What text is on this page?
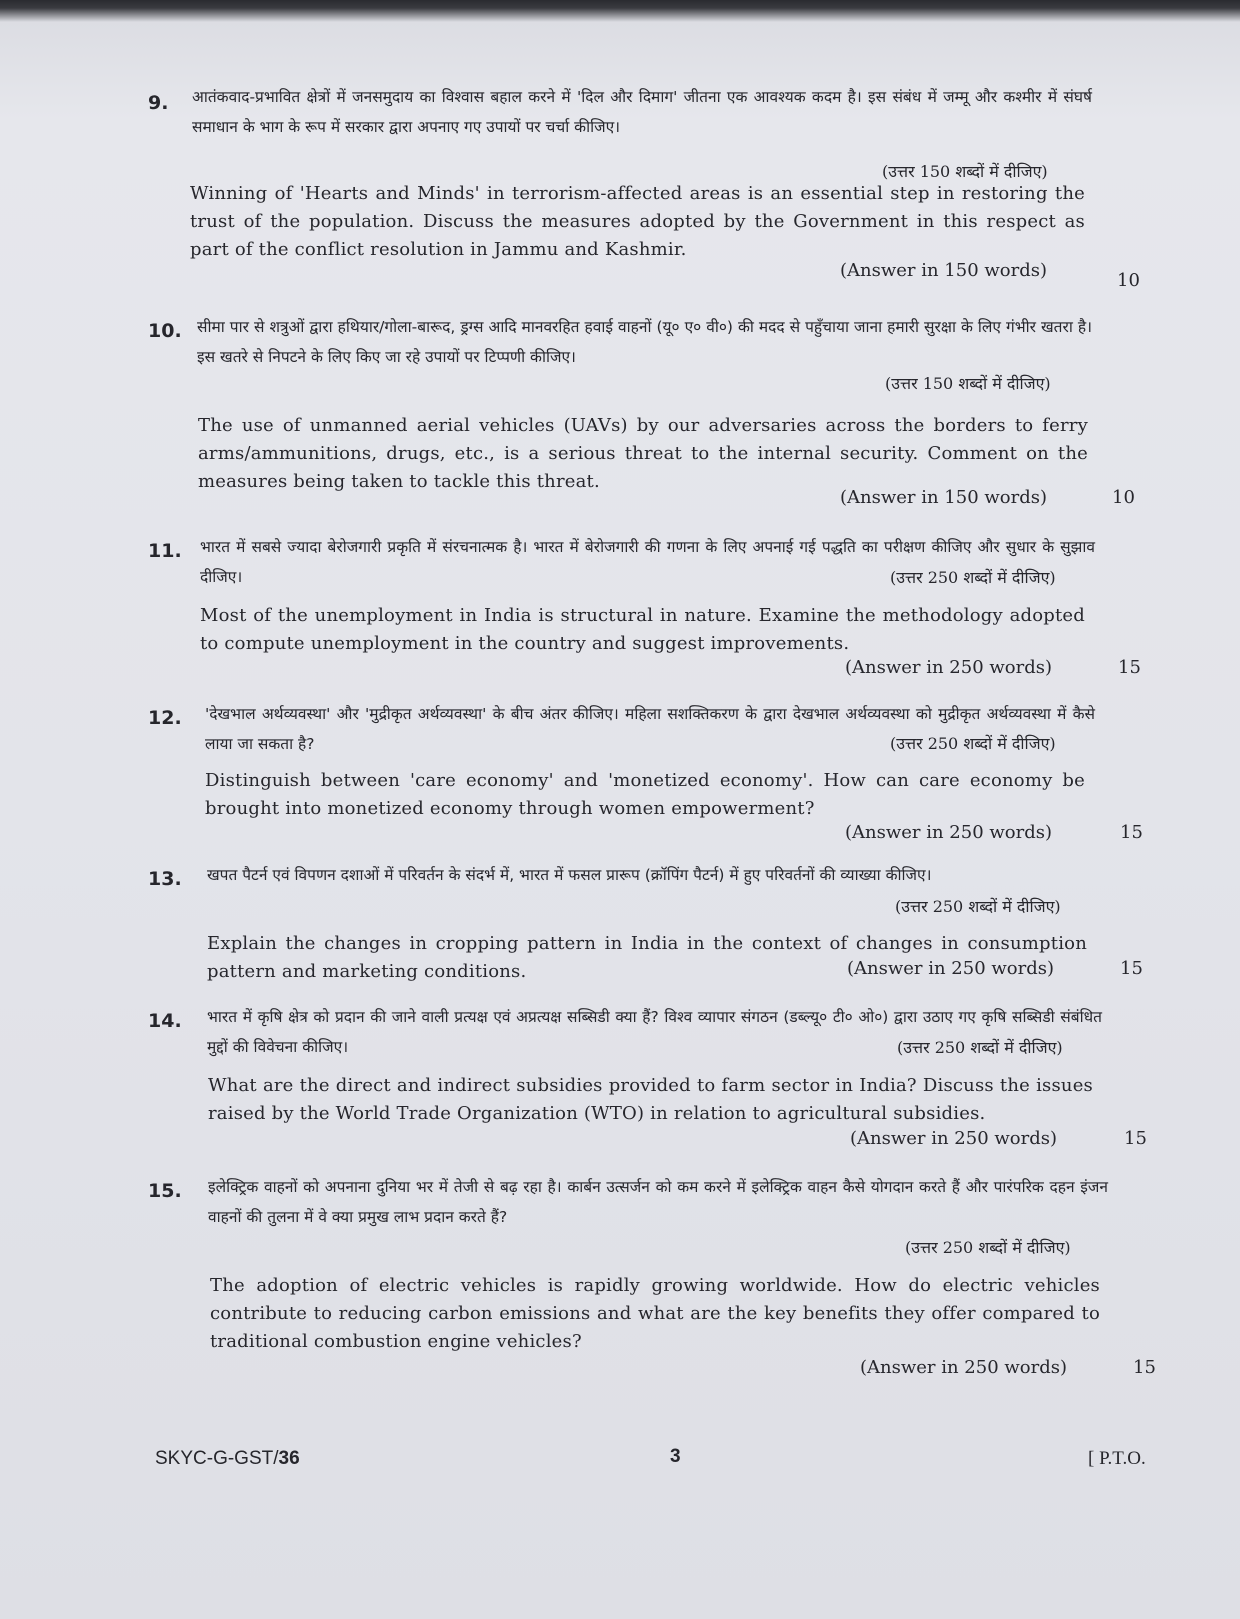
9. आतंकवाद-प्रभावित क्षेत्रों में जनसमुदाय का विश्वास बहाल करने में 'दिल और दिमाग' जीतना एक आवश्यक कदम है। इस संबंध में जम्मू और कश्मीर में संघर्ष समाधान के भाग के रूप में सरकार द्वारा अपनाए गए उपायों पर चर्चा कीजिए।
(उत्तर 150 शब्दों में दीजिए)
Winning of 'Hearts and Minds' in terrorism-affected areas is an essential step in restoring the trust of the population. Discuss the measures adopted by the Government in this respect as part of the conflict resolution in Jammu and Kashmir.
(Answer in 150 words)	10
10. सीमा पार से शत्रुओं द्वारा हथियार/गोला-बारूद, ड्रग्स आदि मानवरहित हवाई वाहनों (यू० ए० वी०) की मदद से पहुँचाया जाना हमारी सुरक्षा के लिए गंभीर खतरा है। इस खतरे से निपटने के लिए किए जा रहे उपायों पर टिप्पणी कीजिए।
(उत्तर 150 शब्दों में दीजिए)
The use of unmanned aerial vehicles (UAVs) by our adversaries across the borders to ferry arms/ammunitions, drugs, etc., is a serious threat to the internal security. Comment on the measures being taken to tackle this threat.
(Answer in 150 words)	10
11. भारत में सबसे ज्यादा बेरोजगारी प्रकृति में संरचनात्मक है। भारत में बेरोजगारी की गणना के लिए अपनाई गई पद्धति का परीक्षण कीजिए और सुधार के सुझाव दीजिए।	(उत्तर 250 शब्दों में दीजिए)
Most of the unemployment in India is structural in nature. Examine the methodology adopted to compute unemployment in the country and suggest improvements.
(Answer in 250 words)	15
12. 'देखभाल अर्थव्यवस्था' और 'मुद्रीकृत अर्थव्यवस्था' के बीच अंतर कीजिए। महिला सशक्तिकरण के द्वारा देखभाल अर्थव्यवस्था को मुद्रीकृत अर्थव्यवस्था में कैसे लाया जा सकता है?	(उत्तर 250 शब्दों में दीजिए)
Distinguish between 'care economy' and 'monetized economy'. How can care economy be brought into monetized economy through women empowerment?
(Answer in 250 words)	15
13. खपत पैटर्न एवं विपणन दशाओं में परिवर्तन के संदर्भ में, भारत में फसल प्रारूप (क्रॉपिंग पैटर्न) में हुए परिवर्तनों की व्याख्या कीजिए।
(उत्तर 250 शब्दों में दीजिए)
Explain the changes in cropping pattern in India in the context of changes in consumption pattern and marketing conditions.	(Answer in 250 words)	15
14. भारत में कृषि क्षेत्र को प्रदान की जाने वाली प्रत्यक्ष एवं अप्रत्यक्ष सब्सिडी क्या हैं? विश्व व्यापार संगठन (डब्ल्यू० टी० ओ०) द्वारा उठाए गए कृषि सब्सिडी संबंधित मुद्दों की विवेचना कीजिए।	(उत्तर 250 शब्दों में दीजिए)
What are the direct and indirect subsidies provided to farm sector in India? Discuss the issues raised by the World Trade Organization (WTO) in relation to agricultural subsidies.
(Answer in 250 words)	15
15. इलेक्ट्रिक वाहनों को अपनाना दुनिया भर में तेजी से बढ़ रहा है। कार्बन उत्सर्जन को कम करने में इलेक्ट्रिक वाहन कैसे योगदान करते हैं और पारंपरिक दहन इंजन वाहनों की तुलना में वे क्या प्रमुख लाभ प्रदान करते हैं?
(उत्तर 250 शब्दों में दीजिए)
The adoption of electric vehicles is rapidly growing worldwide. How do electric vehicles contribute to reducing carbon emissions and what are the key benefits they offer compared to traditional combustion engine vehicles?
(Answer in 250 words)	15
SKYC-G-GST/36	3	[ P.T.O.
